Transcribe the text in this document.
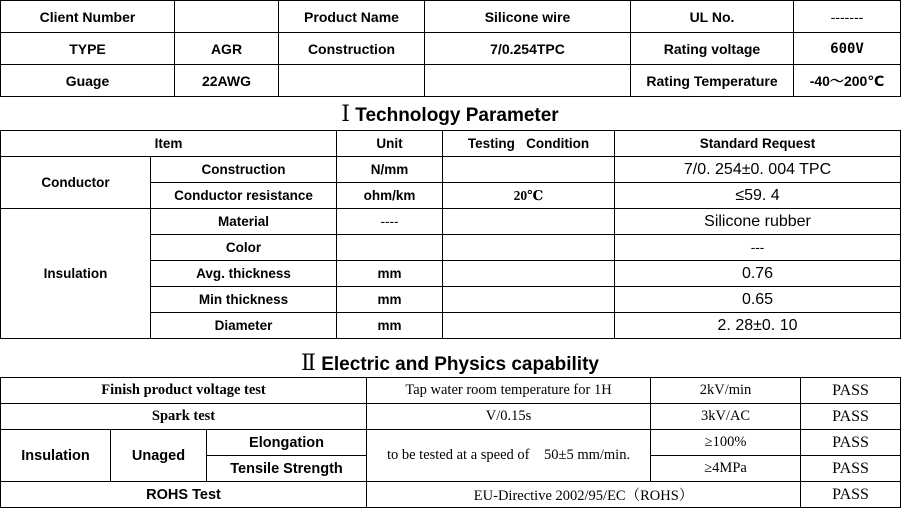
Client Number		Product Name	Silicone wire	UL No.	-------
TYPE	AGR	Construction	7/0.254TPC	Rating voltage	600V
Guage	22AWG			Rating Temperature	-40～200℃
Ⅰ Technology Parameter
Item		Unit	Testing   Condition	Standard Request
Conductor	Construction	N/mm		7/0. 254±0. 004 TPC
	Conductor resistance	ohm/km	20℃	≤59. 4
Insulation	Material	----		Silicone rubber
	Color			---
	Avg. thickness	mm		0.76
	Min thickness	mm		0.65
	Diameter	mm		2. 28±0. 10
Ⅱ Electric and Physics capability
Finish product voltage test			Tap water room temperature for 1H	2kV/min	PASS
Spark test			V/0.15s	3kV/AC	PASS
Insulation	Unaged	Elongation	to be tested at a speed of    50±5 mm/min.	≥100%	PASS
		Tensile Strength		≥4MPa	PASS
ROHS Test			EU-Directive 2002/95/EC（ROHS）		PASS
